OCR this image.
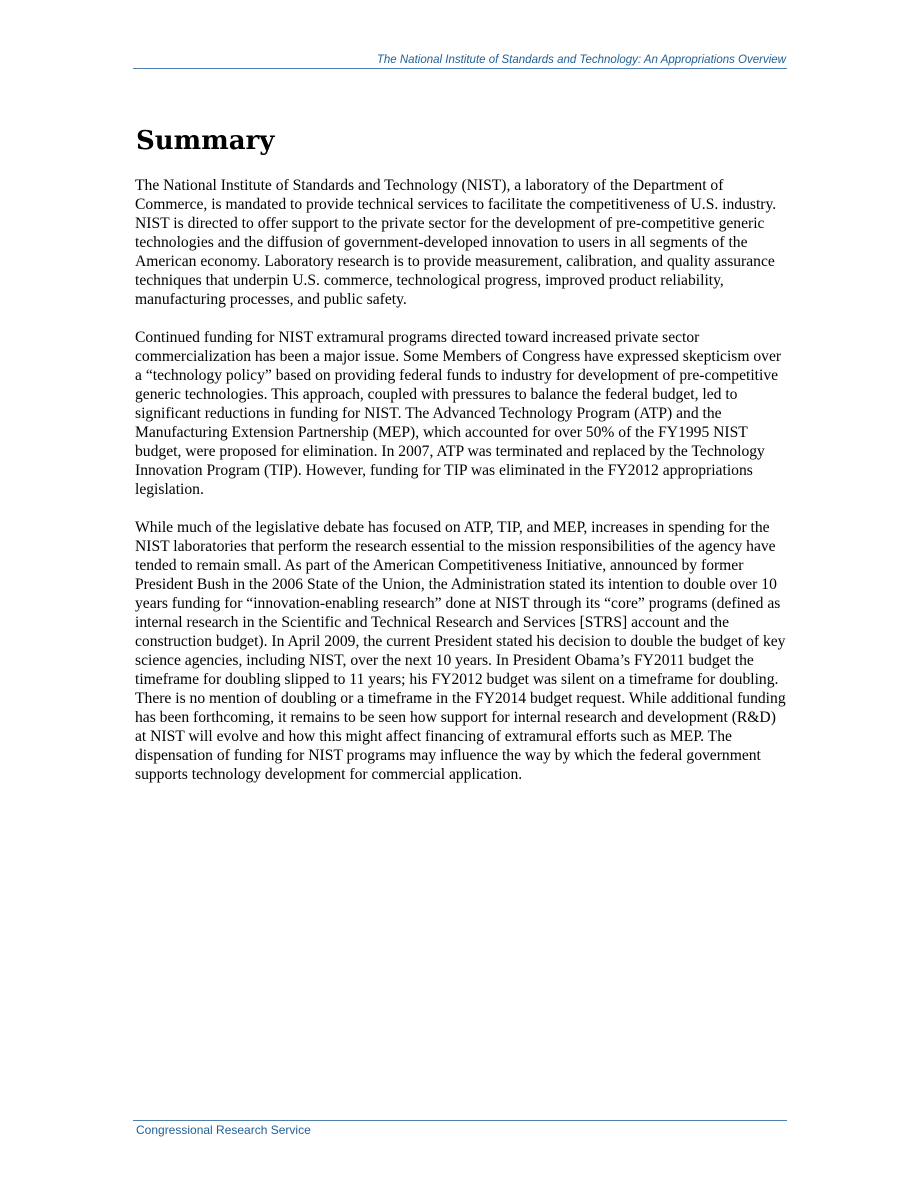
The National Institute of Standards and Technology: An Appropriations Overview
Summary

The National Institute of Standards and Technology (NIST), a laboratory of the Department of Commerce, is mandated to provide technical services to facilitate the competitiveness of U.S. industry. NIST is directed to offer support to the private sector for the development of pre-competitive generic technologies and the diffusion of government-developed innovation to users in all segments of the American economy. Laboratory research is to provide measurement, calibration, and quality assurance techniques that underpin U.S. commerce, technological progress, improved product reliability, manufacturing processes, and public safety.

Continued funding for NIST extramural programs directed toward increased private sector commercialization has been a major issue. Some Members of Congress have expressed skepticism over a “technology policy” based on providing federal funds to industry for development of pre-competitive generic technologies. This approach, coupled with pressures to balance the federal budget, led to significant reductions in funding for NIST. The Advanced Technology Program (ATP) and the Manufacturing Extension Partnership (MEP), which accounted for over 50% of the FY1995 NIST budget, were proposed for elimination. In 2007, ATP was terminated and replaced by the Technology Innovation Program (TIP). However, funding for TIP was eliminated in the FY2012 appropriations legislation.

While much of the legislative debate has focused on ATP, TIP, and MEP, increases in spending for the NIST laboratories that perform the research essential to the mission responsibilities of the agency have tended to remain small. As part of the American Competitiveness Initiative, announced by former President Bush in the 2006 State of the Union, the Administration stated its intention to double over 10 years funding for “innovation-enabling research” done at NIST through its “core” programs (defined as internal research in the Scientific and Technical Research and Services [STRS] account and the construction budget). In April 2009, the current President stated his decision to double the budget of key science agencies, including NIST, over the next 10 years. In President Obama’s FY2011 budget the timeframe for doubling slipped to 11 years; his FY2012 budget was silent on a timeframe for doubling. There is no mention of doubling or a timeframe in the FY2014 budget request. While additional funding has been forthcoming, it remains to be seen how support for internal research and development (R&D) at NIST will evolve and how this might affect financing of extramural efforts such as MEP. The dispensation of funding for NIST programs may influence the way by which the federal government supports technology development for commercial application.

Congressional Research Service
